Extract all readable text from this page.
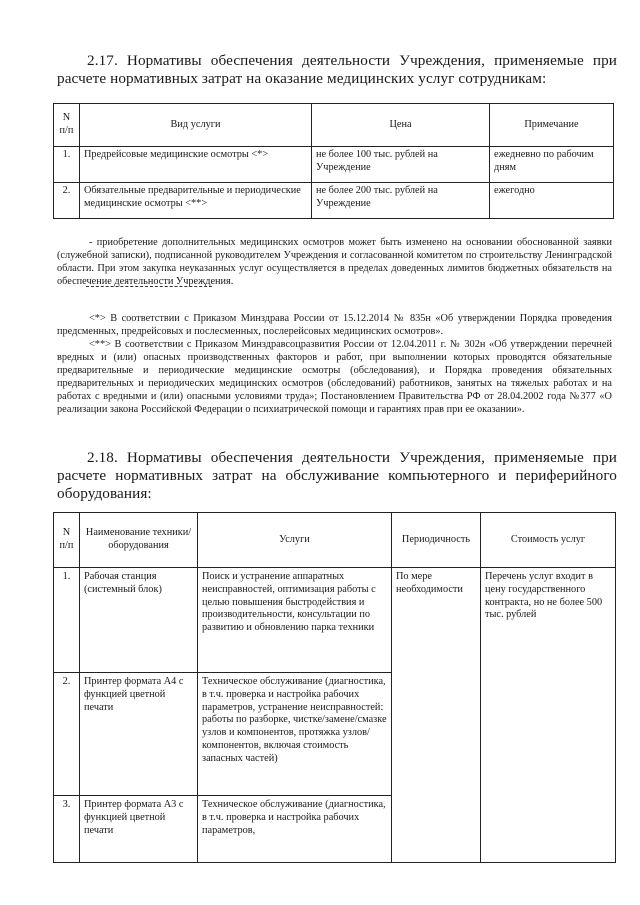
2.17. Нормативы обеспечения деятельности Учреждения, применяемые при расчете нормативных затрат на оказание медицинских услуг сотрудникам:
N п/п	Вид услуги	Цена	Примечание
1.	Предрейсовые медицинские осмотры <*>	не более 100 тыс. рублей на Учреждение	ежедневно по рабочим дням
2.	Обязательные предварительные и периодические медицинские осмотры <**>	не более 200 тыс. рублей на Учреждение	ежегодно
- приобретение дополнительных медицинских осмотров может быть изменено на основании обоснованной заявки (служебной записки), подписанной руководителем Учреждения и согласованной комитетом по строительству Ленинградской области. При этом закупка неуказанных услуг осуществляется в пределах доведенных лимитов бюджетных обязательств на обеспечение деятельности Учреждения.
<*> В соответствии с Приказом Минздрава России от 15.12.2014 № 835н «Об утверждении Порядка проведения предсменных, предрейсовых и послесменных, послерейсовых медицинских осмотров».
<**> В соответствии с Приказом Минздравсоцразвития России от 12.04.2011 г. № 302н «Об утверждении перечней вредных и (или) опасных производственных факторов и работ, при выполнении которых проводятся обязательные предварительные и периодические медицинские осмотры (обследования), и Порядка проведения обязательных предварительных и периодических медицинских осмотров (обследований) работников, занятых на тяжелых работах и на работах с вредными и (или) опасными условиями труда»; Постановлением Правительства РФ от 28.04.2002 года №377 «О реализации закона Российской Федерации о психиатрической помощи и гарантиях прав при ее оказании».
2.18. Нормативы обеспечения деятельности Учреждения, применяемые при расчете нормативных затрат на обслуживание компьютерного и периферийного оборудования:
N п/п	Наименование техники/оборудования	Услуги	Периодичность	Стоимость услуг
1.	Рабочая станция (системный блок)	Поиск и устранение аппаратных неисправностей, оптимизация работы с целью повышения быстродействия и производительности, консультации по развитию и обновлению парка техники	По мере необходимости	Перечень услуг входит в цену государственного контракта, но не более 500 тыс. рублей
2.	Принтер формата А4 с функцией цветной печати	Техническое обслуживание (диагностика, в т.ч. проверка и настройка рабочих параметров, устранение неисправностей: работы по разборке, чистке/замене/смазке узлов и компонентов, протяжка узлов/компонентов, включая стоимость запасных частей)		
3.	Принтер формата А3 с функцией цветной печати	Техническое обслуживание (диагностика, в т.ч. проверка и настройка рабочих параметров,		
